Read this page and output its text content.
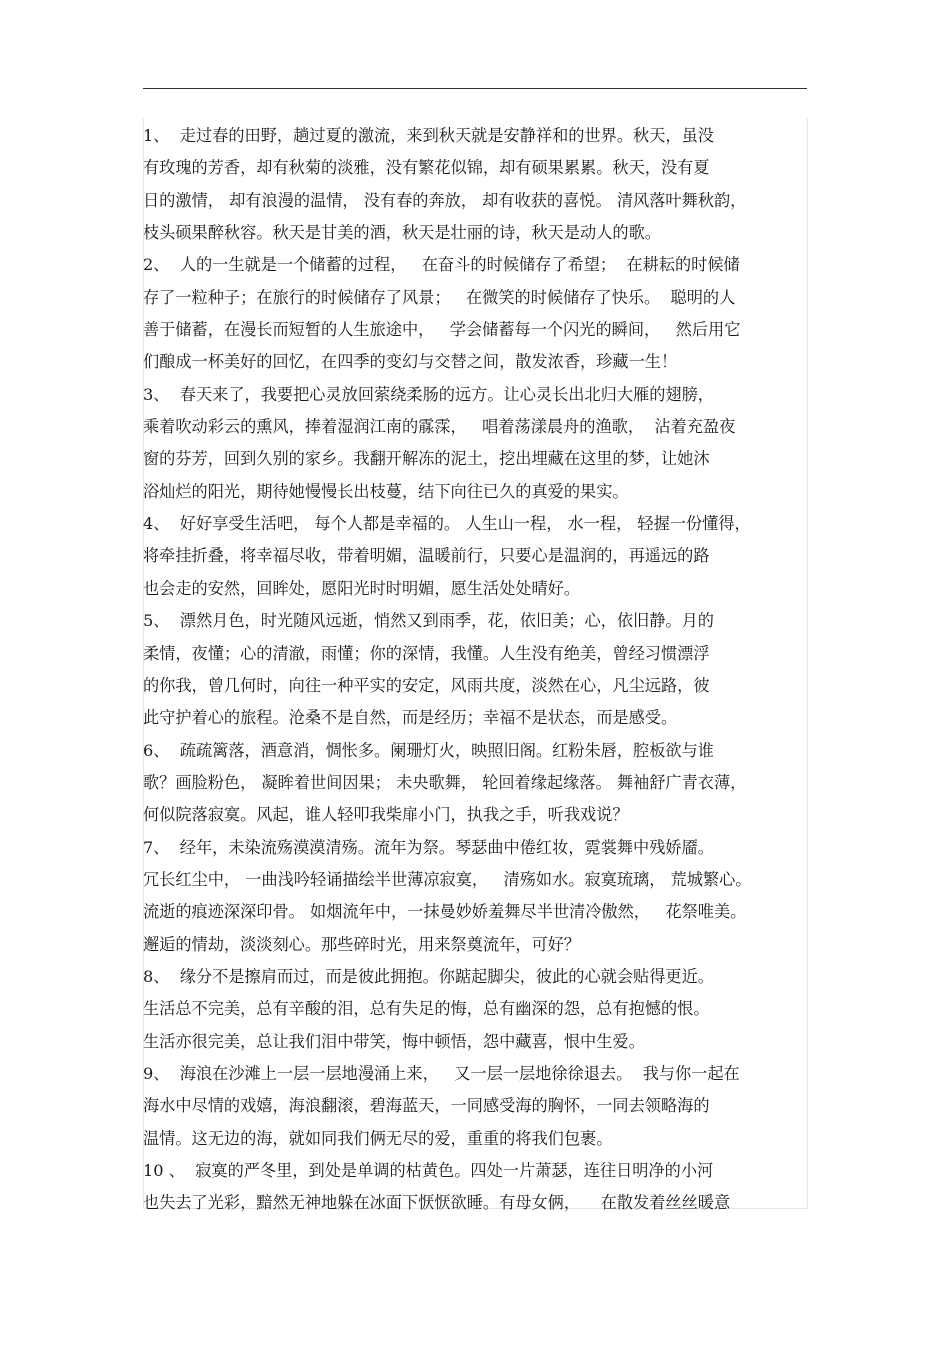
1、  走过春的田野，趟过夏的激流，来到秋天就是安静祥和的世界。秋天，虽没
有玫瑰的芳香，却有秋菊的淡雅，没有繁花似锦，却有硕果累累。秋天，没有夏
日的激情， 却有浪漫的温情， 没有春的奔放， 却有收获的喜悦。 清风落叶舞秋韵，
枝头硕果醉秋容。秋天是甘美的酒，秋天是壮丽的诗，秋天是动人的歌。
2、  人的一生就是一个储蓄的过程，   在奋斗的时候储存了希望；  在耕耘的时候储
存了一粒种子；在旅行的时候储存了风景；   在微笑的时候储存了快乐。  聪明的人
善于储蓄，在漫长而短暂的人生旅途中，   学会储蓄每一个闪光的瞬间，   然后用它
们酿成一杯美好的回忆，在四季的变幻与交替之间，散发浓香，珍藏一生！
3、  春天来了，我要把心灵放回萦绕柔肠的远方。让心灵长出北归大雁的翅膀，
乘着吹动彩云的熏风，捧着湿润江南的霡霂，   唱着荡漾晨舟的渔歌，  沾着充盈夜
窗的芬芳，回到久别的家乡。我翻开解冻的泥土，挖出埋藏在这里的梦，让她沐
浴灿烂的阳光，期待她慢慢长出枝蔓，结下向往已久的真爱的果实。
4、  好好享受生活吧， 每个人都是幸福的。 人生山一程， 水一程， 轻握一份懂得，
将牵挂折叠，将幸福尽收，带着明媚，温暖前行，只要心是温润的，再遥远的路
也会走的安然，回眸处，愿阳光时时明媚，愿生活处处晴好。
5、  漂然月色，时光随风远逝，悄然又到雨季，花，依旧美；心，依旧静。月的
柔情，夜懂；心的清澈，雨懂；你的深情，我懂。人生没有绝美，曾经习惯漂浮
的你我，曾几何时，向往一种平实的安定，风雨共度，淡然在心，凡尘远路，彼
此守护着心的旅程。沧桑不是自然，而是经历；幸福不是状态，而是感受。
6、  疏疏篱落，酒意消，惆怅多。阑珊灯火，映照旧阁。红粉朱唇，腔板欲与谁
歌？画脸粉色， 凝眸着世间因果； 未央歌舞， 轮回着缘起缘落。 舞袖舒广青衣薄，
何似院落寂寞。风起，谁人轻叩我柴扉小门，执我之手，听我戏说？
7、  经年，未染流殇漠漠清殇。流年为祭。琴瑟曲中倦红妆，霓裳舞中残娇靥。
冗长红尘中， 一曲浅吟轻诵描绘半世薄凉寂寞，   清殇如水。寂寞琉璃， 荒城繁心。
流逝的痕迹深深印骨。 如烟流年中，一抹曼妙娇羞舞尽半世清冷傲然，   花祭唯美。
邂逅的情劫，淡淡刻心。那些碎时光，用来祭奠流年，可好？
8、  缘分不是擦肩而过，而是彼此拥抱。你踮起脚尖，彼此的心就会贴得更近。
生活总不完美，总有辛酸的泪，总有失足的悔，总有幽深的怨，总有抱憾的恨。
生活亦很完美，总让我们泪中带笑，悔中顿悟，怨中藏喜，恨中生爱。
9、  海浪在沙滩上一层一层地漫涌上来，   又一层一层地徐徐退去。  我与你一起在
海水中尽情的戏嬉，海浪翻滚，碧海蓝天，一同感受海的胸怀，一同去领略海的
温情。这无边的海，就如同我们俩无尽的爱，重重的将我们包裹。
10 、  寂寞的严冬里，到处是单调的枯黄色。四处一片萧瑟，连往日明净的小河
也失去了光彩，黯然无神地躲在冰面下恹恹欲睡。有母女俩，    在散发着丝丝暖意
